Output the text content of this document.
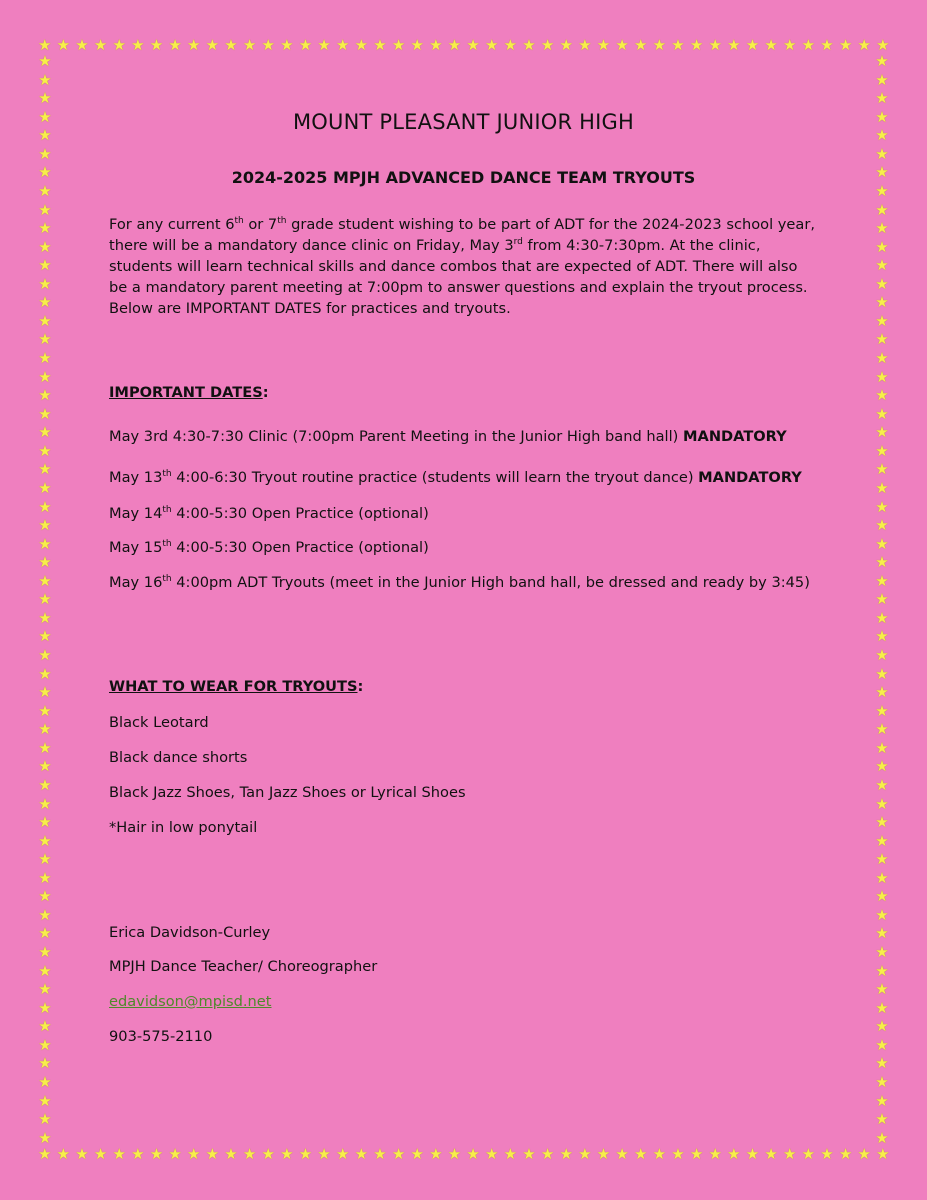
★ ★ ★ ★ ★ ★ ★ ★ ★ ★ ★ ★ ★ ★ ★ ★ ★ ★ ★ ★ ★ ★ ★ ★ ★ ★ ★ ★ ★ ★ ★ ★ ★ ★ ★ ★ ★ ★ ★ ★ ★ ★ ★ ★ ★ ★
★ ★ ★ ★ ★ ★ ★ ★ ★ ★ ★ ★ ★ ★ ★ ★ ★ ★ ★ ★ ★ ★ ★ ★ ★ ★ ★ ★ ★ ★ ★ ★ ★ ★ ★ ★ ★ ★ ★ ★ ★ ★ ★ ★ ★ ★
★
★
★
★
★
★
★
★
★
★
★
★
★
★
★
★
★
★
★
★
★
★
★
★
★
★
★
★
★
★
★
★
★
★
★
★
★
★
★
★
★
★
★
★
★
★
★
★
★
★
★
★
★
★
★
★
★
★
★
★
★
★
★
★
★
★
★
★
★
★
★
★
★
★
★
★
★
★
★
★
★
★
★
★
★
★
★
★
★
★
★
★
★
★
★
★
★
★
★
★
★
★
★
★
★
★
★
★
★
★
★
★
★
★
★
★
★
★
MOUNT PLEASANT JUNIOR HIGH
2024-2025 MPJH ADVANCED DANCE TEAM TRYOUTS
For any current 6th or 7th grade student wishing to be part of ADT for the 2024-2023 school year, there will be a mandatory dance clinic on Friday, May 3rd from 4:30-7:30pm. At the clinic, students will learn technical skills and dance combos that are expected of ADT. There will also be a mandatory parent meeting at 7:00pm to answer questions and explain the tryout process. Below are IMPORTANT DATES for practices and tryouts.
IMPORTANT DATES:
May 3rd 4:30-7:30 Clinic (7:00pm Parent Meeting in the Junior High band hall) MANDATORY
May 13th 4:00-6:30 Tryout routine practice (students will learn the tryout dance) MANDATORY
May 14th 4:00-5:30 Open Practice (optional)
May 15th 4:00-5:30 Open Practice (optional)
May 16th 4:00pm ADT Tryouts (meet in the Junior High band hall, be dressed and ready by 3:45)
WHAT TO WEAR FOR TRYOUTS:
Black Leotard
Black dance shorts
Black Jazz Shoes, Tan Jazz Shoes or Lyrical Shoes
*Hair in low ponytail
Erica Davidson-Curley
MPJH Dance Teacher/ Choreographer
edavidson@mpisd.net
903-575-2110
